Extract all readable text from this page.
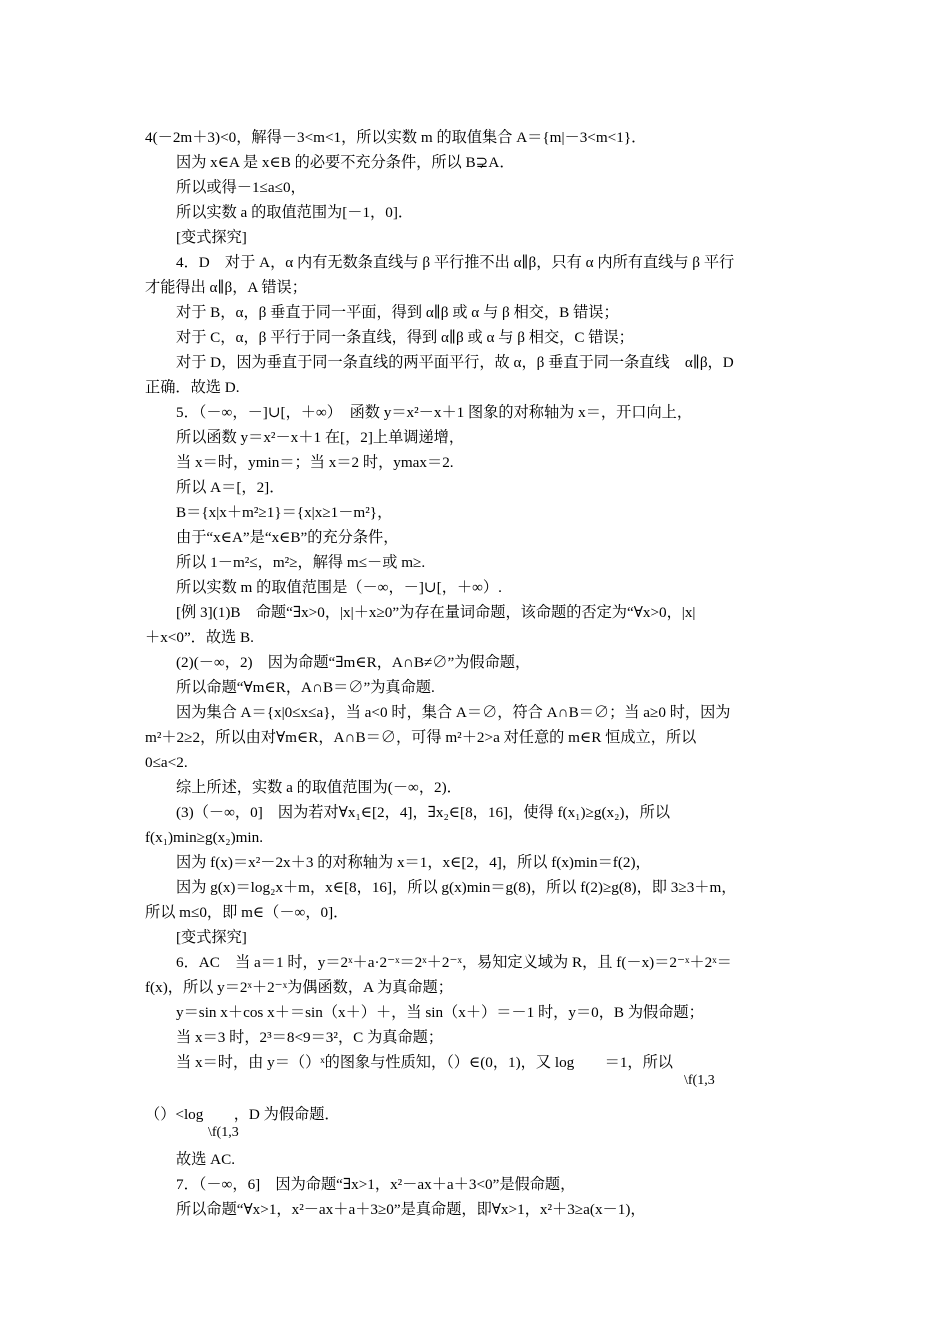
4(－2m＋3)<0，解得－3<m<1，所以实数 m 的取值集合 A＝{m|－3<m<1}．
因为 x∈A 是 x∈B 的必要不充分条件，所以 B⊋A．
所以或得－1≤a≤0，
所以实数 a 的取值范围为[－1，0]．
[变式探究]
4．D　对于 A，α 内有无数条直线与 β 平行推不出 α∥β，只有 α 内所有直线与 β 平行
才能得出 α∥β，A 错误；
对于 B，α，β 垂直于同一平面，得到 α∥β 或 α 与 β 相交，B 错误；
对于 C，α，β 平行于同一条直线，得到 α∥β 或 α 与 β 相交，C 错误；
对于 D，因为垂直于同一条直线的两平面平行，故 α，β 垂直于同一条直线　α∥β，D
正确．故选 D.
5．（－∞，－]∪[，＋∞）　函数 y＝x²－x＋1 图象的对称轴为 x＝，开口向上，
所以函数 y＝x²－x＋1 在[，2]上单调递增，
当 x＝时，ymin＝；当 x＝2 时，ymax＝2.
所以 A＝[，2]．
B＝{x|x＋m²≥1}＝{x|x≥1－m²}，
由于“x∈A”是“x∈B”的充分条件，
所以 1－m²≤，m²≥，解得 m≤－或 m≥.
所以实数 m 的取值范围是（－∞，－]∪[，＋∞）.
[例 3](1)B　命题“∃x>0，|x|＋x≥0”为存在量词命题，该命题的否定为“∀x>0，|x|
＋x<0”．故选 B.
(2)(－∞，2)　因为命题“∃m∈R，A∩B≠∅”为假命题，
所以命题“∀m∈R，A∩B＝∅”为真命题.
因为集合 A＝{x|0≤x≤a}，当 a<0 时，集合 A＝∅，符合 A∩B＝∅；当 a≥0 时，因为
m²＋2≥2，所以由对∀m∈R，A∩B＝∅，可得 m²＋2>a 对任意的 m∈R 恒成立，所以
0≤a<2.
综上所述，实数 a 的取值范围为(－∞，2)．
(3)（－∞，0]　因为若对∀x₁∈[2，4]，∃x₂∈[8，16]，使得 f(x₁)≥g(x₂)，所以
f(x₁)min≥g(x₂)min.
因为 f(x)＝x²－2x＋3 的对称轴为 x＝1，x∈[2，4]，所以 f(x)min＝f(2)，
因为 g(x)＝log₂x＋m，x∈[8，16]，所以 g(x)min＝g(8)，所以 f(2)≥g(8)，即 3≥3＋m，
所以 m≤0，即 m∈（－∞，0]．
[变式探究]
6．AC　当 a＝1 时，y＝2ˣ＋a·2⁻ˣ＝2ˣ＋2⁻ˣ，易知定义域为 R，且 f(－x)＝2⁻ˣ＋2ˣ＝
f(x)，所以 y＝2ˣ＋2⁻ˣ为偶函数，A 为真命题；
y＝sin x＋cos x＋＝sin（x＋）＋，当 sin（x＋）＝－1 时，y＝0，B 为假命题；
当 x＝3 时，2³＝8<9＝3²，C 为真命题；
当 x＝时，由 y＝（）ˣ的图象与性质知，（）∈(0，1)，又 log　　＝1，所以
\f(1,3
（）<log　　，D 为假命题．
\f(1,3
故选 AC.
7．（－∞，6]　因为命题“∃x>1，x²－ax＋a＋3<0”是假命题，
所以命题“∀x>1，x²－ax＋a＋3≥0”是真命题，即∀x>1，x²＋3≥a(x－1)，
